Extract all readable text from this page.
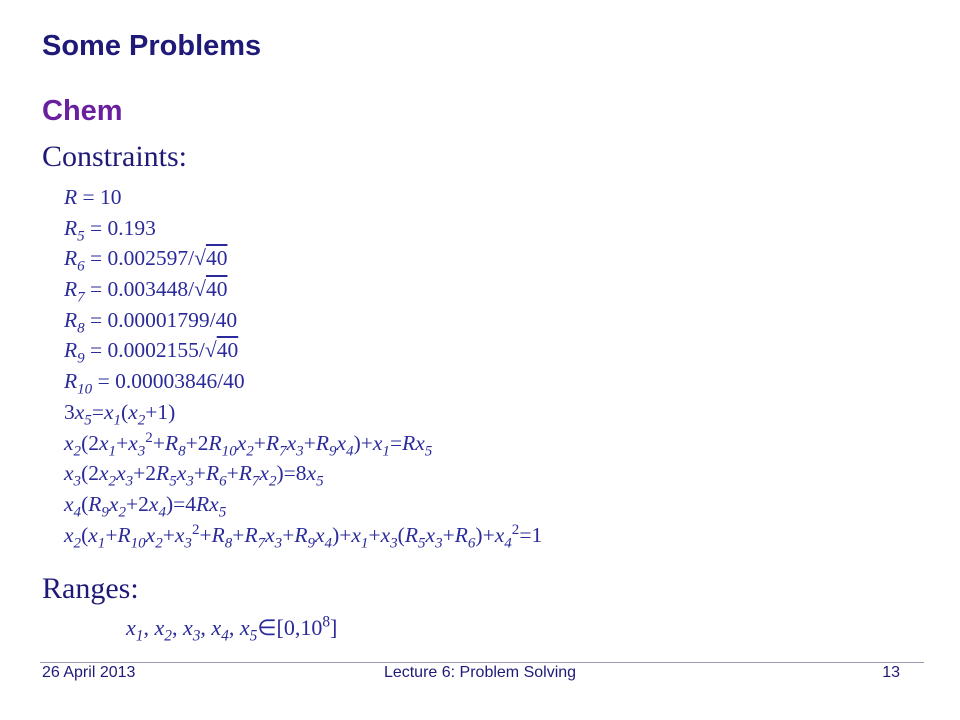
Some Problems
Chem
Constraints:
R = 10
$R_5 = 0.193$
$R_6 = 0.002597/√40$
$R_7 = 0.003448/√40$
$R_8 = 0.00001799/40$
$R_9 = 0.0002155/√40$
$R_{10} = 0.00003846/40$
$3x_5=x_1(x_2+1)$
$x_2(2x_1+x_3^2+R_8+2R_{10}x_2+R_7x_3+R_9x_4)+x_1=Rx_5$
$x_3(2x_2x_3+2R_5x_3+R_6+R_7x_2)=8x_5$
$x_4(R_9x_2+2x_4)=4Rx_5$
$x_2(x_1+R_{10}x_2+x_3^2+R_8+R_7x_3+R_9x_4)+x_1+x_3(R_5x_3+R_6)+x_4^2=1$
Ranges:
$x_1$, $x_2$, $x_3$, $x_4$, $x_5\in[0,10^8]$
26 April 2013	Lecture 6: Problem Solving	13
